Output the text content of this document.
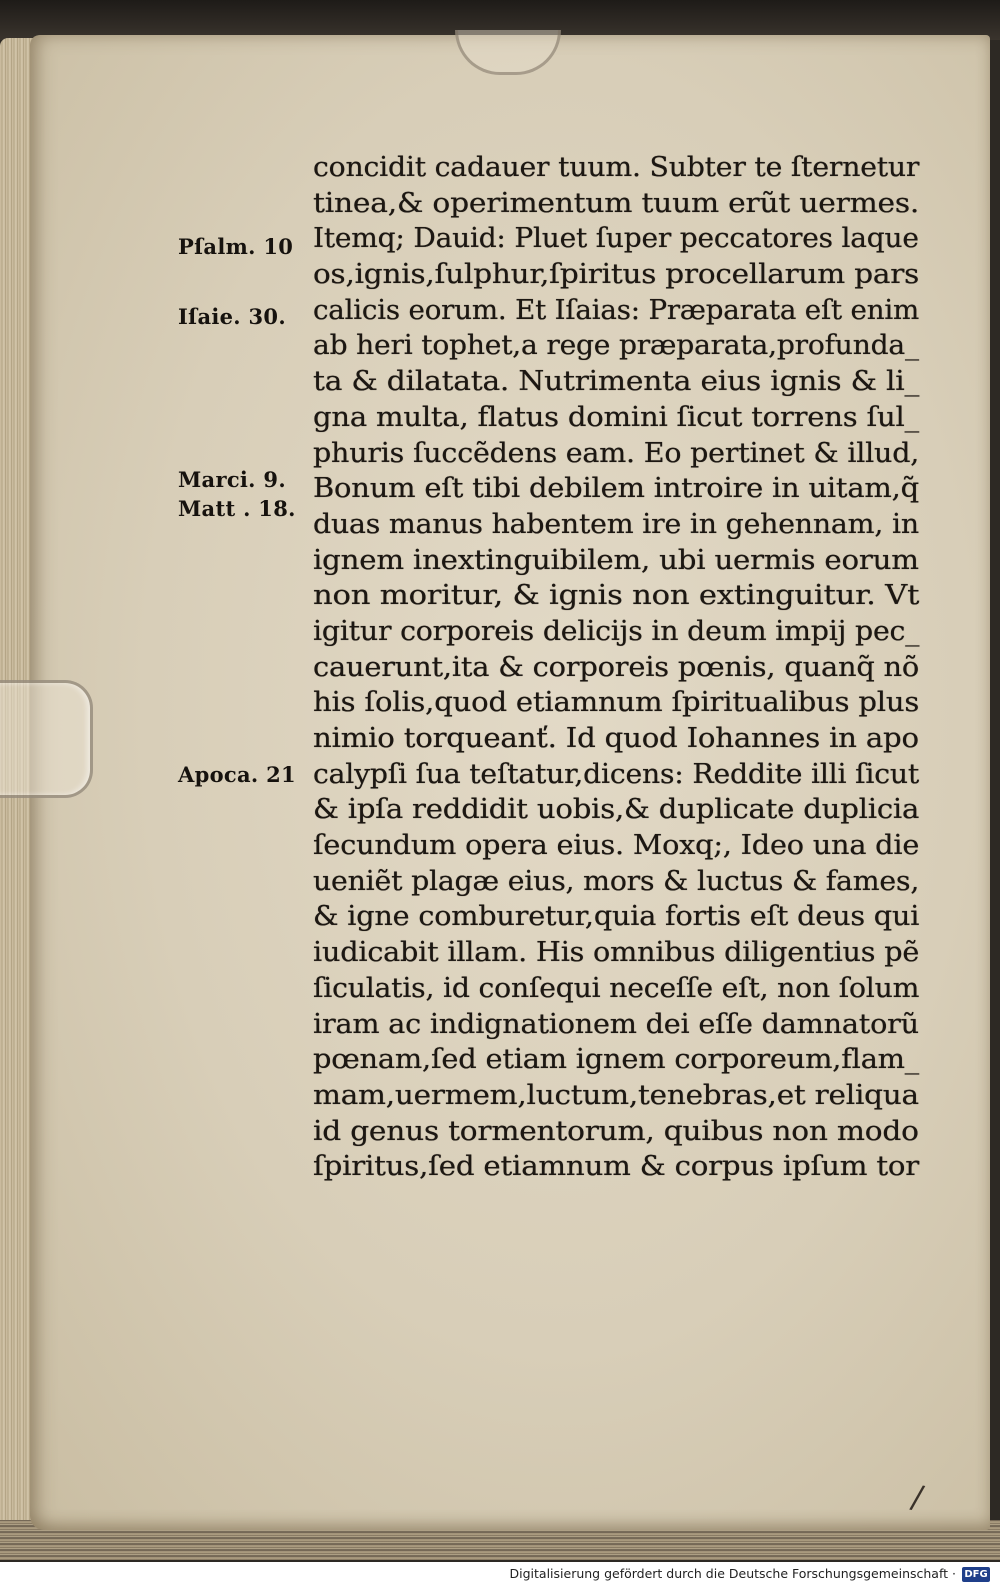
Pſalm. 10
Iſaie. 30.
Marci. 9.
Matt . 18.
Apoca. 21
concidit cadauer tuum. Subter te ſternetur
tinea,& operimentum tuum erũt uermes.
Itemq; Dauid: Pluet ſuper peccatores laque
os,ignis,ſulphur,ſpiritus procellarum pars
calicis eorum. Et Iſaias: Præparata eſt enim
ab heri tophet,a rege præparata,profunda_
ta & dilatata. Nutrimenta eius ignis & li_
gna multa, flatus domini ſicut torrens ſul_
phuris ſuccẽdens eam. Eo pertinet & illud,
Bonum eſt tibi debilem introire in uitam,q̃
duas manus habentem ire in gehennam, in
ignem inextinguibilem, ubi uermis eorum
non moritur, & ignis non extinguitur. Vt
igitur corporeis delicijs in deum impij pec_
cauerunt,ita & corporeis pœnis, quanq̃ nõ
his ſolis,quod etiamnum ſpiritualibus plus
nimio torqueanť. Id quod Iohannes in apo
calypſi ſua teſtatur,dicens: Reddite illi ſicut
& ipſa reddidit uobis,& duplicate duplicia
ſecundum opera eius. Moxq;, Ideo una die
ueniẽt plagæ eius, mors & luctus & fames,
& igne comburetur,quia fortis eſt deus qui
iudicabit illam. His omnibus diligentius pẽ
ſiculatis, id conſequi neceſſe eſt, non ſolum
iram ac indignationem dei eſſe damnatorũ
pœnam,ſed etiam ignem corporeum,flam_
mam,uermem,luctum,tenebras,et reliqua
id genus tormentorum, quibus non modo
ſpiritus,ſed etiamnum & corpus ipſum tor
/
Digitalisierung gefördert durch die Deutsche Forschungsgemeinschaft · DFG
